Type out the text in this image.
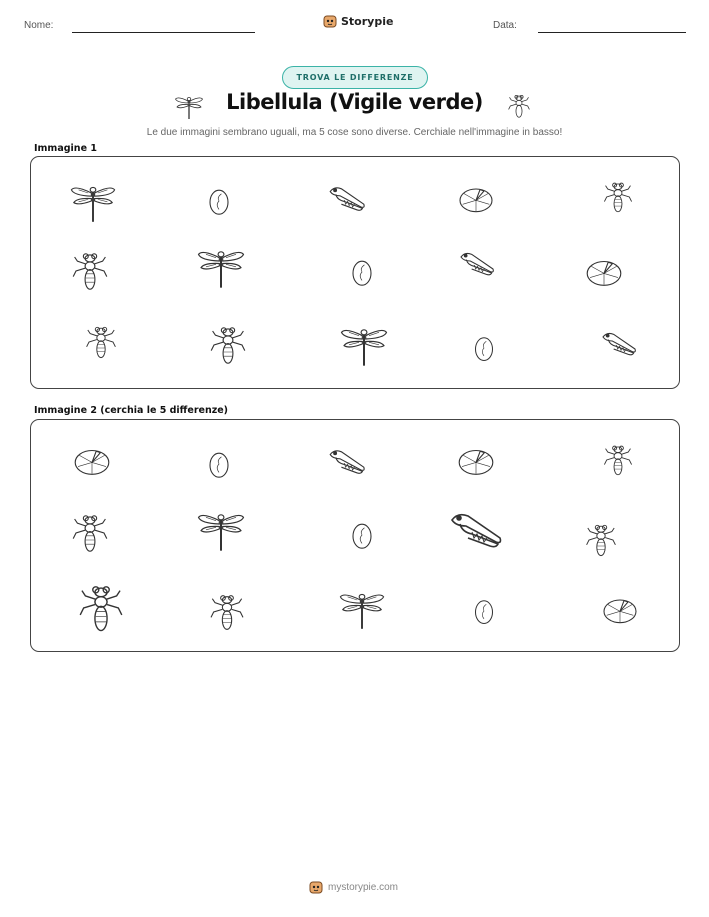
Nome:	Storypie	Data:
TROVA LE DIFFERENZE
Libellula (Vigile verde)
Le due immagini sembrano uguali, ma 5 cose sono diverse. Cerchiale nell'immagine in basso!
Immagine 1
Immagine 2 (cerchia le 5 differenze)
mystorypie.com
